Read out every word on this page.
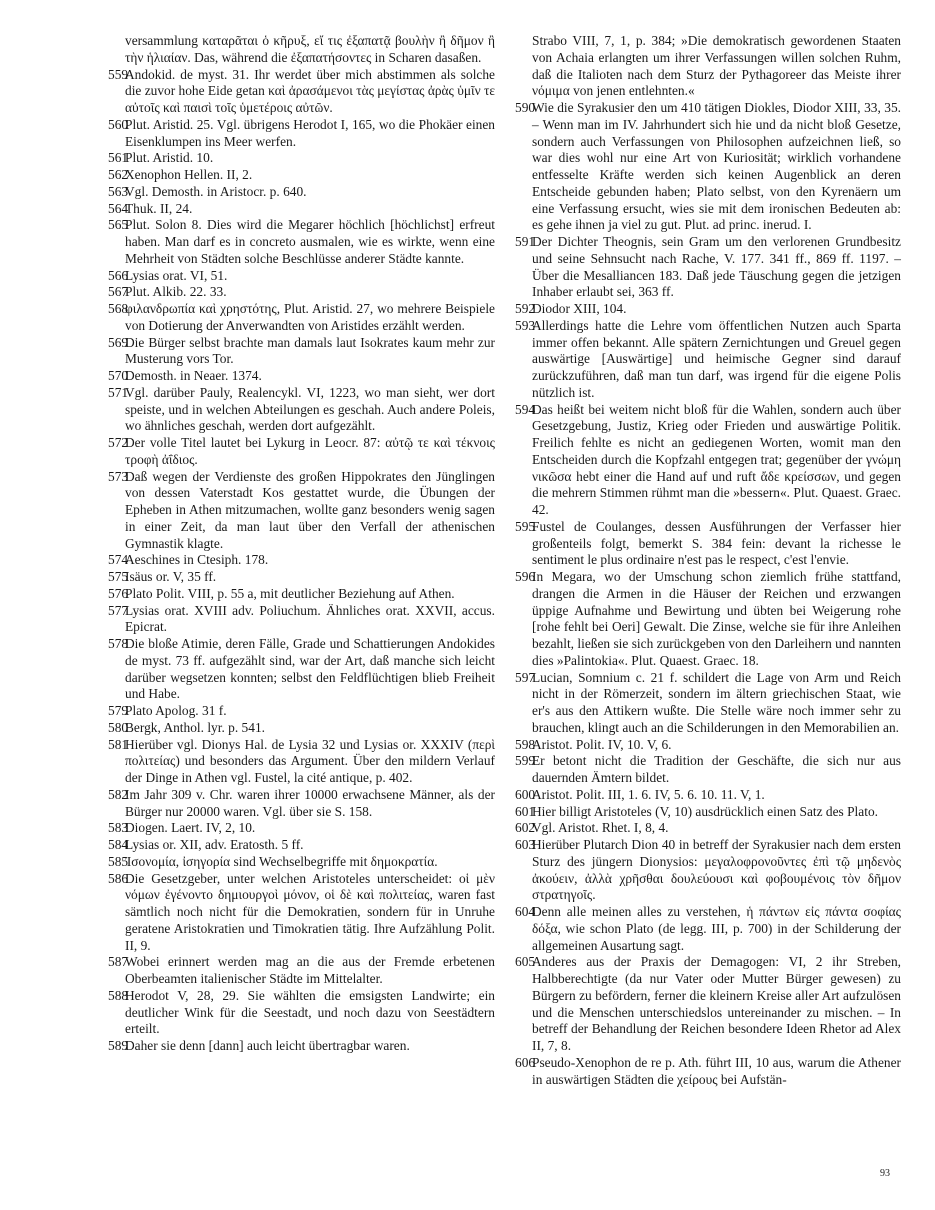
versammlung καταρᾶται ὁ κῆρυξ, εἴ τις ἐξαπατᾷ βουλὴν ἢ δῆμον ἢ τὴν ἡλιαίαν. Das, während die ἐξαπατήσοντες in Scharen dasaßen.

559Andokid. de myst. 31. Ihr werdet über mich abstimmen als solche die zuvor hohe Eide getan καὶ ἀρασάμενοι τὰς μεγίστας ἀρὰς ὑμῖν τε αὐτοῖς καὶ παισὶ τοῖς ὑμετέροις αὐτῶν.

560Plut. Aristid. 25. Vgl. übrigens Herodot I, 165, wo die Phokäer einen Eisenklumpen ins Meer werfen.

561Plut. Aristid. 10.

562Xenophon Hellen. II, 2.

563Vgl. Demosth. in Aristocr. p. 640.

564Thuk. II, 24.

565Plut. Solon 8. Dies wird die Megarer höchlich [höchlichst] erfreut haben. Man darf es in concreto ausmalen, wie es wirkte, wenn eine Mehrheit von Städten solche Beschlüsse anderer Städte kannte.

566Lysias orat. VI, 51.

567Plut. Alkib. 22. 33.

568φιλανδρωπία καὶ χρηστότης, Plut. Aristid. 27, wo mehrere Beispiele von Dotierung der Anverwandten von Aristides erzählt werden.

569Die Bürger selbst brachte man damals laut Isokrates kaum mehr zur Musterung vors Tor.

570Demosth. in Neaer. 1374.

571Vgl. darüber Pauly, Realencykl. VI, 1223, wo man sieht, wer dort speiste, und in welchen Abteilungen es geschah. Auch andere Poleis, wo ähnliches geschah, werden dort aufgezählt.

572Der volle Titel lautet bei Lykurg in Leocr. 87: αὐτῷ τε καὶ τέκνοις τροφὴ ἀΐδιος.

573Daß wegen der Verdienste des großen Hippokrates den Jünglingen von dessen Vaterstadt Kos gestattet wurde, die Übungen der Epheben in Athen mitzumachen, wollte ganz besonders wenig sagen in einer Zeit, da man laut über den Verfall der athenischen Gymnastik klagte.

574Aeschines in Ctesiph. 178.

575Isäus or. V, 35 ff.

576Plato Polit. VIII, p. 55 a, mit deutlicher Beziehung auf Athen.

577Lysias orat. XVIII adv. Poliuchum. Ähnliches orat. XXVII, accus. Epicrat.

578Die bloße Atimie, deren Fälle, Grade und Schattierungen Andokides de myst. 73 ff. aufgezählt sind, war der Art, daß manche sich leicht darüber wegsetzen konnten; selbst den Feldflüchtigen blieb Freiheit und Habe.

579Plato Apolog. 31 f.

580Bergk, Anthol. lyr. p. 541.

581Hierüber vgl. Dionys Hal. de Lysia 32 und Lysias or. XXXIV (περὶ πολιτείας) und besonders das Argument. Über den mildern Verlauf der Dinge in Athen vgl. Fustel, la cité antique, p. 402.

582Im Jahr 309 v. Chr. waren ihrer 10000 erwachsene Männer, als der Bürger nur 20000 waren. Vgl. über sie S. 158.

583Diogen. Laert. IV, 2, 10.

584Lysias or. XII, adv. Eratosth. 5 ff.

585Ἰσονομία, ἰσηγορία sind Wechselbegriffe mit δημοκρατία.

586Die Gesetzgeber, unter welchen Aristoteles unterscheidet: οἱ μὲν νόμων ἐγένοντο δημιουργοὶ μόνον, οἱ δὲ καὶ πολιτείας, waren fast sämtlich noch nicht für die Demokratien, sondern für in Unruhe geratene Aristokratien und Timokratien tätig. Ihre Aufzählung Polit. II, 9.

587Wobei erinnert werden mag an die aus der Fremde erbetenen Oberbeamten italienischer Städte im Mittelalter.

588Herodot V, 28, 29. Sie wählten die emsigsten Landwirte; ein deutlicher Wink für die Seestadt, und noch dazu von Seestädtern erteilt.

589Daher sie denn [dann] auch leicht übertragbar waren.

Strabo VIII, 7, 1, p. 384; »Die demokratisch gewordenen Staaten von Achaia erlangten um ihrer Verfassungen willen solchen Ruhm, daß die Italioten nach dem Sturz der Pythagoreer das Meiste ihrer νόμιμα von jenen entlehnten.«

590Wie die Syrakusier den um 410 tätigen Diokles, Diodor XIII, 33, 35. – Wenn man im IV. Jahrhundert sich hie und da nicht bloß Gesetze, sondern auch Verfassungen von Philosophen aufzeichnen ließ, so war dies wohl nur eine Art von Kuriosität; wirklich vorhandene entfesselte Kräfte werden sich keinen Augenblick an deren Entscheide gebunden haben; Plato selbst, von den Kyrenäern um eine Verfassung ersucht, wies sie mit dem ironischen Bedeuten ab: es gehe ihnen ja viel zu gut. Plut. ad princ. inerud. I.

591Der Dichter Theognis, sein Gram um den verlorenen Grundbesitz und seine Sehnsucht nach Rache, V. 177. 341 ff., 869 ff. 1197. – Über die Mesalliancen 183. Daß jede Täuschung gegen die jetzigen Inhaber erlaubt sei, 363 ff.

592Diodor XIII, 104.

593Allerdings hatte die Lehre vom öffentlichen Nutzen auch Sparta immer offen bekannt. Alle spätern Zernichtungen und Greuel gegen auswärtige [Auswärtige] und heimische Gegner sind darauf zurückzuführen, daß man tun darf, was irgend für die eigene Polis nützlich ist.

594Das heißt bei weitem nicht bloß für die Wahlen, sondern auch über Gesetzgebung, Justiz, Krieg oder Frieden und auswärtige Politik. Freilich fehlte es nicht an gediegenen Worten, womit man den Entscheiden durch die Kopfzahl entgegen trat; gegenüber der γνώμη νικῶσα hebt einer die Hand auf und ruft ἄδε κρείσσων, und gegen die mehrern Stimmen rühmt man die »bessern«. Plut. Quaest. Graec. 42.

595Fustel de Coulanges, dessen Ausführungen der Verfasser hier großenteils folgt, bemerkt S. 384 fein: devant la richesse le sentiment le plus ordinaire n'est pas le respect, c'est l'envie.

596In Megara, wo der Umschung schon ziemlich frühe stattfand, drangen die Armen in die Häuser der Reichen und erzwangen üppige Aufnahme und Bewirtung und übten bei Weigerung rohe [rohe fehlt bei Oeri] Gewalt. Die Zinse, welche sie für ihre Anleihen bezahlt, ließen sie sich zurückgeben von den Darleihern und nannten dies »Palintokia«. Plut. Quaest. Graec. 18.

597Lucian, Somnium c. 21 f. schildert die Lage von Arm und Reich nicht in der Römerzeit, sondern im ältern griechischen Staat, wie er's aus den Attikern wußte. Die Stelle wäre noch immer sehr zu brauchen, klingt auch an die Schilderungen in den Memorabilien an.

598Aristot. Polit. IV, 10. V, 6.

599Er betont nicht die Tradition der Geschäfte, die sich nur aus dauernden Ämtern bildet.

600Aristot. Polit. III, 1. 6. IV, 5. 6. 10. 11. V, 1.

601Hier billigt Aristoteles (V, 10) ausdrücklich einen Satz des Plato.

602Vgl. Aristot. Rhet. I, 8, 4.

603Hierüber Plutarch Dion 40 in betreff der Syrakusier nach dem ersten Sturz des jüngern Dionysios: μεγαλοφρονοῦντες ἐπὶ τῷ μηδενὸς ἀκούειν, ἀλλὰ χρῆσθαι δουλεύουσι καὶ φοβουμένοις τὸν δῆμον στρατηγοῖς.

604Denn alle meinen alles zu verstehen, ἡ πάντων εἰς πάντα σοφίας δόξα, wie schon Plato (de legg. III, p. 700) in der Schilderung der allgemeinen Ausartung sagt.

605Anderes aus der Praxis der Demagogen: VI, 2 ihr Streben, Halbberechtigte (da nur Vater oder Mutter Bürger gewesen) zu Bürgern zu befördern, ferner die kleinern Kreise aller Art aufzulösen und die Menschen unterschiedslos untereinander zu mischen. – In betreff der Behandlung der Reichen besondere Ideen Rhetor ad Alex II, 7, 8.

606Pseudo-Xenophon de re p. Ath. führt III, 10 aus, warum die Athener in auswärtigen Städten die χείρους bei Aufstän-

93
